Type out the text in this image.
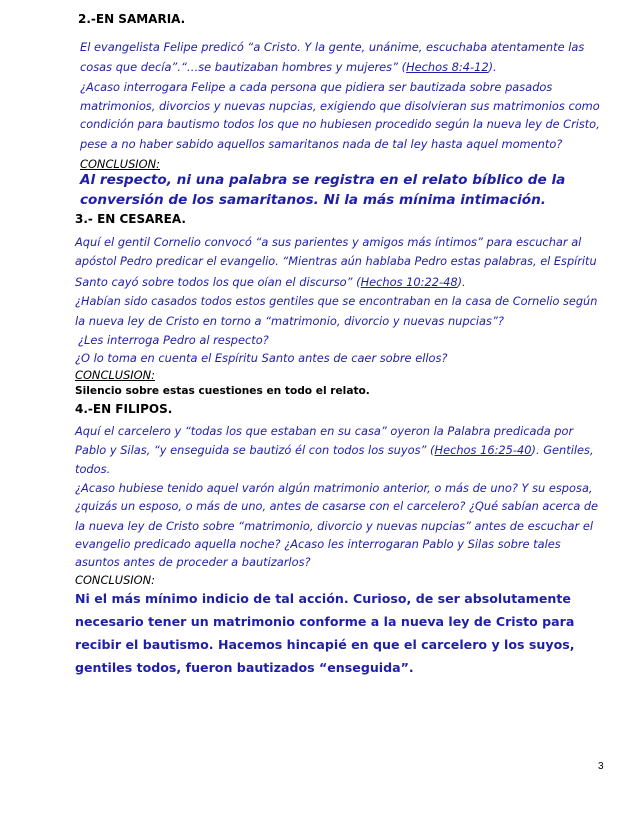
2.-EN SAMARIA.
El evangelista Felipe predicó “a Cristo. Y la gente, unánime, escuchaba atentamente las
cosas que decía”.“…se bautizaban hombres y mujeres” (Hechos 8:4-12).
¿Acaso interrogara Felipe a cada persona que pidiera ser bautizada sobre pasados
matrimonios, divorcios y nuevas nupcias, exigiendo que disolvieran sus matrimonios como
condición para bautismo todos los que no hubiesen procedido según la nueva ley de Cristo,
pese a no haber sabido aquellos samaritanos nada de tal ley hasta aquel momento?
CONCLUSION:
Al respecto, ni una palabra se registra en el relato bíblico de la
conversión de los samaritanos. Ni la más mínima intimación.
3.- EN CESAREA.
Aquí el gentil Cornelio convocó “a sus parientes y amigos más íntimos” para escuchar al
apóstol Pedro predicar el evangelio. “Mientras aún hablaba Pedro estas palabras, el Espíritu
Santo cayó sobre todos los que oían el discurso” (Hechos 10:22-48).
¿Habían sido casados todos estos gentiles que se encontraban en la casa de Cornelio según
la nueva ley de Cristo en torno a “matrimonio, divorcio y nuevas nupcias”?
¿Les interroga Pedro al respecto?
¿O lo toma en cuenta el Espíritu Santo antes de caer sobre ellos?
CONCLUSION:
Silencio sobre estas cuestiones en todo el relato.
4.-EN FILIPOS.
Aquí el carcelero y “todas los que estaban en su casa” oyeron la Palabra predicada por
Pablo y Silas, “y enseguida se bautizó él con todos los suyos” (Hechos 16:25-40). Gentiles,
todos.
¿Acaso hubiese tenido aquel varón algún matrimonio anterior, o más de uno? Y su esposa,
¿quizás un esposo, o más de uno, antes de casarse con el carcelero? ¿Qué sabían acerca de
la nueva ley de Cristo sobre “matrimonio, divorcio y nuevas nupcias” antes de escuchar el
evangelio predicado aquella noche? ¿Acaso les interrogaran Pablo y Silas sobre tales
asuntos antes de proceder a bautizarlos?
CONCLUSION:
Ni el más mínimo indicio de tal acción. Curioso, de ser absolutamente
necesario tener un matrimonio conforme a la nueva ley de Cristo para
recibir el bautismo. Hacemos hincapié en que el carcelero y los suyos,
gentiles todos, fueron bautizados “enseguida”.
3
